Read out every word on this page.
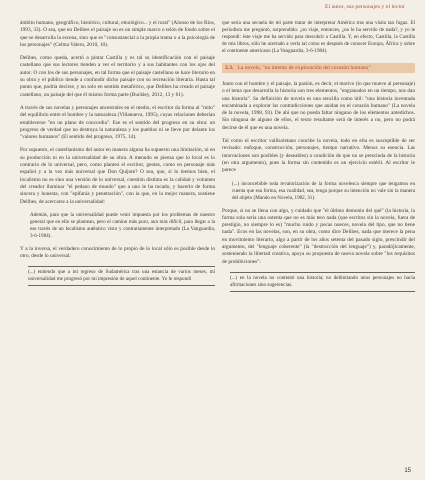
El autor, sus personajes y el lector

ámbito humano, geográfico, histórico, cultural, etnológico... y el rural" (Alonso de los Ríos, 1993, 33). O sea, que en Delibes el paisaje no es un simple marco o telón de fondo sobre el que se desarrolla la escena, sino que es "consustancial a la propia trama o a la psicología de los personajes" (Celma Valero, 2010, 10).

Delibes, como queda, acertó a pintar Castilla y es tal su identificación con el paisaje castellano que sus lectores tienden a ver el territorio y a sus habitantes con los ojos del autor. O con los de sus personajes, en tal forma que el paisaje castellano se hace literario en su obra y el público tiende a confundir dicho paisaje con su recreación literaria. Hasta tal punto que, podría decirse, y no solo en sentido metafórico, que Delibes ha creado el paisaje castellano, un paisaje del que él mismo forma parte (Buckley, 2012, 13 y 61).

A través de sus novelas y personajes ancestrales en el medio, el escritor da forma al "mito" del equilibrio entre el hombre y la naturaleza (Villanueva, 1995), cuyas relaciones deberían establecerse "en un plano de concordia". Ese es el sentido del progreso en su obra: un progreso de verdad que no destruya la naturaleza y los pueblos ni se lleve por delante los "valores humanos" (El sentido del progreso, 1975, 14).

Por supuesto, el castellanismo del autor en manera alguna ha supuesto una limitación, ni en su producción ni en la universalidad de su obra. A menudo se piensa que lo local es lo contrario de lo universal, pero, como planteó el escritor, gentes, como en personaje más español y a la vez más universal que Don Quijote? O sea, que, si lo leemos bien, el localismo no es sino una versión de lo universal, cuestión distinta es la calidad y volumen del creador iluminar "el pedazo de mundo" que a uno le ha tocado, y hacerlo de forma sincera y honesta, con "epifanía y penetración", con la que, en la mejor manera, sostiene Delibes, de acercarse a la universalidad:

Además, para que la universalidad puede venir impuesta por los problemas de nuestro general que en ello se plantean, pero el camino más puro, aun más difícil, para llegar a la ese través de un localismo auténtico visto y contrariamente interpretado (La Vanguardia, 3-6-1984).

Y a la inversa, el verdadero conocimiento de lo propio de lo local sólo es posible desde lo otro, desde lo universal:

(...) entiendo que a mi regreso de Sudamérica tras una estancia de varios meses, mi universalidad me progresó por mi impresión de aquel continente. Yo le respondí
que sería una secuela de mi parte tratar de interpretar América tras una visita tan fugaz. El periodista me preguntó, sorprendido: ¿su viaje, entonces, ¿no le ha servido de nada?, y yo le respondí: éste viaje me ha servido para descubrir a Castilla. Y, en efecto, Castilla, la Castilla de mis libros, sólo he acertado a verla tal como es después de conocer Europa, África y sobre el continente americano (La Vanguardia, 3-6-1984).
2.3. La novela, "un intento de exploración del corazón humano"

Junto con el hombre y el paisaje, la pasión, es decir, el motivo (lo que mueve al personaje) o el tema que desarrolla la historia son tres elementos, "engranados en un tiempo, nos dan una historia". Su definición de novela es una sencilla como útil: "una historia inventada encaminada a explorar las contradicciones que anidan en el corazón humano" (La novela de la novela, 1998, 93). De ahí que no pueda faltar ninguno de los elementos antedichos. Sin ninguna de alguno de ellos, el texto resultante será de interés a no, pero no podrá decirse de él que es una novela.

Tal como el escritor vallisoletano concibe la novela, todo en ella es susceptible de ser revisado: enfoque, construcción, personajes, tiempo narrativo. Menos su esencia. Las innovaciones son posibles (y deseables) a condición de que no se prescinda de la historia (en otra argumento), pues la forma sin contenido es un ejercicio estéril. Al escritor le parece

(...) inconcebible toda revalorización de la forma novelesca siempre que tengamos en cuenta que esa forma, esa cualidad, sea, tenga porque su intención no vale sin la manera del objeto (Mundo en Novela, 1982, 31).

Porque, si no se llena con algo, y cuidado que "el último demonio del qué" (la historia, la forma sola sería una ostenta que no es más tero nada (que escritos sin la novela, fuera de prestigio, no siempre lo es) "mucho ruido y pocas nueces, novela del tipo, que no tiene nada". Ecos en las novelas, son, en su obra, como dice Delibes, nada que merece la pena en movimiento literario, algo a partir de los años setenta del pasado siglo, prescindir del argumento, del "lenguaje coherente" (la "destrucción del lenguaje") y, paradójicamente, sosteniendo la libertad creativa, apoya su propuesta de nueva novela sobre "los requisitos de prohibiciones":

(...) en la novela no contentó una historia; no delimitando unos personajes no hacía afirmaciones sino sugerencias.
15
